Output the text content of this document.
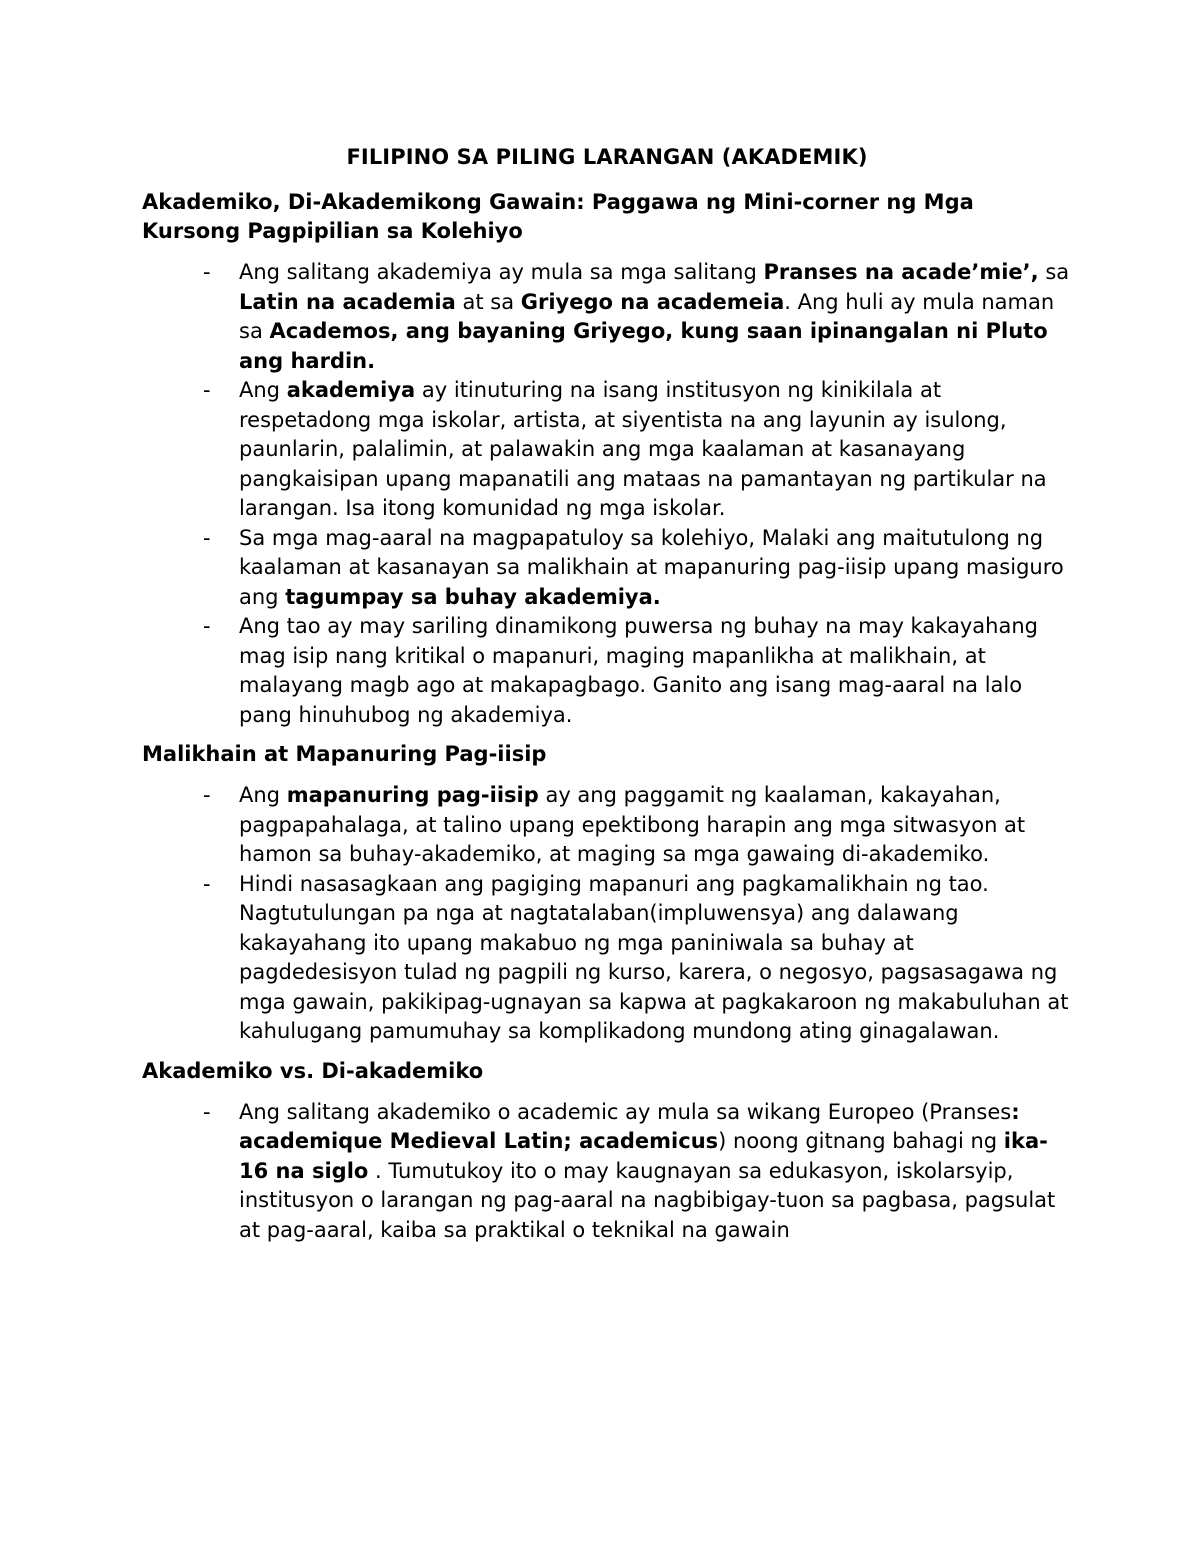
FILIPINO SA PILING LARANGAN (AKADEMIK)
Akademiko, Di-Akademikong Gawain: Paggawa ng Mini-corner ng Mga Kursong Pagpipilian sa Kolehiyo
- Ang salitang akademiya ay mula sa mga salitang Pranses na acade’mie’, sa Latin na academia at sa Griyego na academeia. Ang huli ay mula naman sa Academos, ang bayaning Griyego, kung saan ipinangalan ni Pluto ang hardin.
- Ang akademiya ay itinuturing na isang institusyon ng kinikilala at respetadong mga iskolar, artista, at siyentista na ang layunin ay isulong, paunlarin, palalimin, at palawakin ang mga kaalaman at kasanayang pangkaisipan upang mapanatili ang mataas na pamantayan ng partikular na larangan. Isa itong komunidad ng mga iskolar.
- Sa mga mag-aaral na magpapatuloy sa kolehiyo, Malaki ang maitutulong ng kaalaman at kasanayan sa malikhain at mapanuring pag-iisip upang masiguro ang tagumpay sa buhay akademiya.
- Ang tao ay may sariling dinamikong puwersa ng buhay na may kakayahang mag isip nang kritikal o mapanuri, maging mapanlikha at malikhain, at malayang magb ago at makapagbago. Ganito ang isang mag-aaral na lalo pang hinuhubog ng akademiya.
Malikhain at Mapanuring Pag-iisip
- Ang mapanuring pag-iisip ay ang paggamit ng kaalaman, kakayahan, pagpapahalaga, at talino upang epektibong harapin ang mga sitwasyon at hamon sa buhay-akademiko, at maging sa mga gawaing di-akademiko.
- Hindi nasasagkaan ang pagiging mapanuri ang pagkamalikhain ng tao. Nagtutulungan pa nga at nagtatalaban(impluwensya) ang dalawang kakayahang ito upang makabuo ng mga paniniwala sa buhay at pagdedesisyon tulad ng pagpili ng kurso, karera, o negosyo, pagsasagawa ng mga gawain, pakikipag-ugnayan sa kapwa at pagkakaroon ng makabuluhan at kahulugang pamumuhay sa komplikadong mundong ating ginagalawan.
Akademiko vs. Di-akademiko
- Ang salitang akademiko o academic ay mula sa wikang Europeo (Pranses: academique Medieval Latin; academicus) noong gitnang bahagi ng ika-16 na siglo . Tumutukoy ito o may kaugnayan sa edukasyon, iskolarsyip, institusyon o larangan ng pag-aaral na nagbibigay-tuon sa pagbasa, pagsulat at pag-aaral, kaiba sa praktikal o teknikal na gawain
